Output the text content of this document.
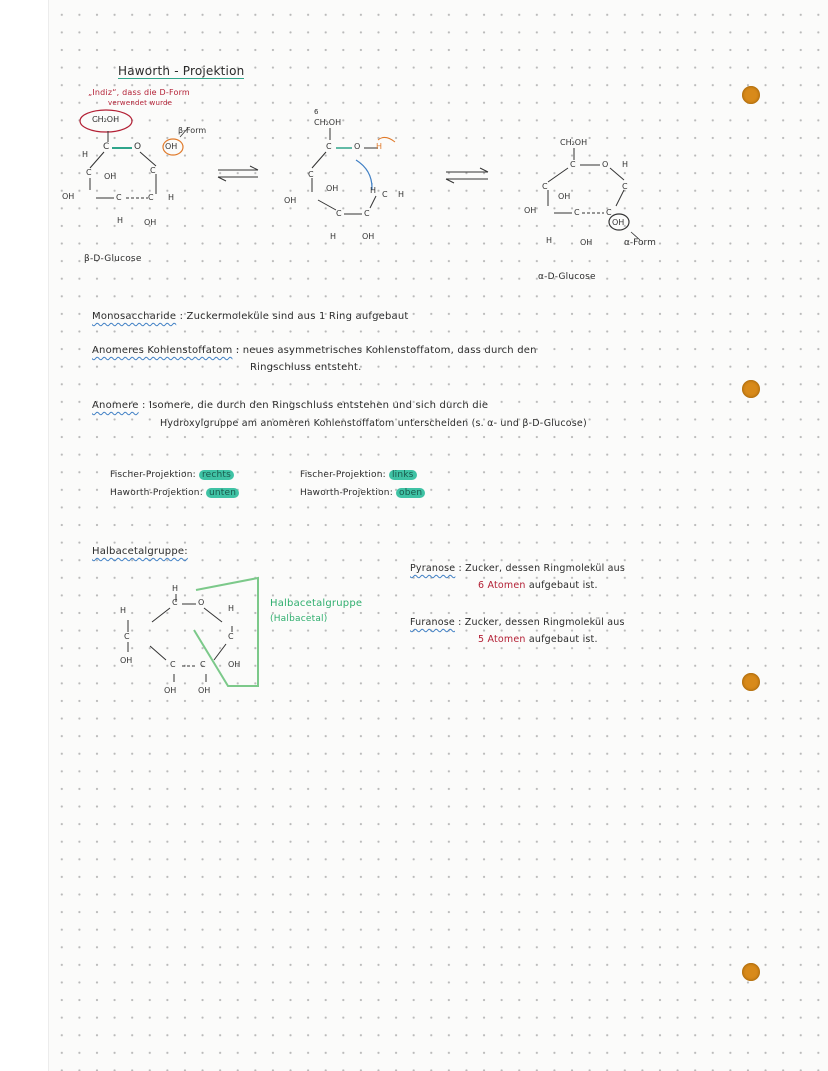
Haworth - Projektion
„Indiz“, dass die D-Form
verwendet wurde
CH₂OH
C	O	OH
β-Form
H
C
C OH
OH	C	C H
H	OH
β-D-Glucose
6
CH₂OH
C	O H
C
OH
OH
H C H
C	C
H	OH
CH₂OH
C	O H
C
C
OH
OH	C	C
OH
H	OH	α-Form
α-D-Glucose
Monosaccharide : Zuckermoleküle sind aus 1 Ring aufgebaut
Anomeres Kohlenstoffatom : neues asymmetrisches Kohlenstoffatom, dass durch den
Ringschluss entsteht.
Anomere : Isomere, die durch den Ringschluss entstehen und sich durch die
Hydroxylgruppe am anomeren Kohlenstoffatom unterscheiden (s. α- und β-D-Glucose)
Fischer-Projektion: rechts
Haworth-Projektion: unten
Fischer-Projektion: links
Haworth-Projektion: oben
Halbacetalgruppe:
H
C	O
H	H
C	C
OH	C	C	OH
OH	OH
Halbacetalgruppe
(Halbacetal)
Pyranose : Zucker, dessen Ringmolekül aus
6 Atomen aufgebaut ist.
Furanose : Zucker, dessen Ringmolekül aus
5 Atomen aufgebaut ist.
